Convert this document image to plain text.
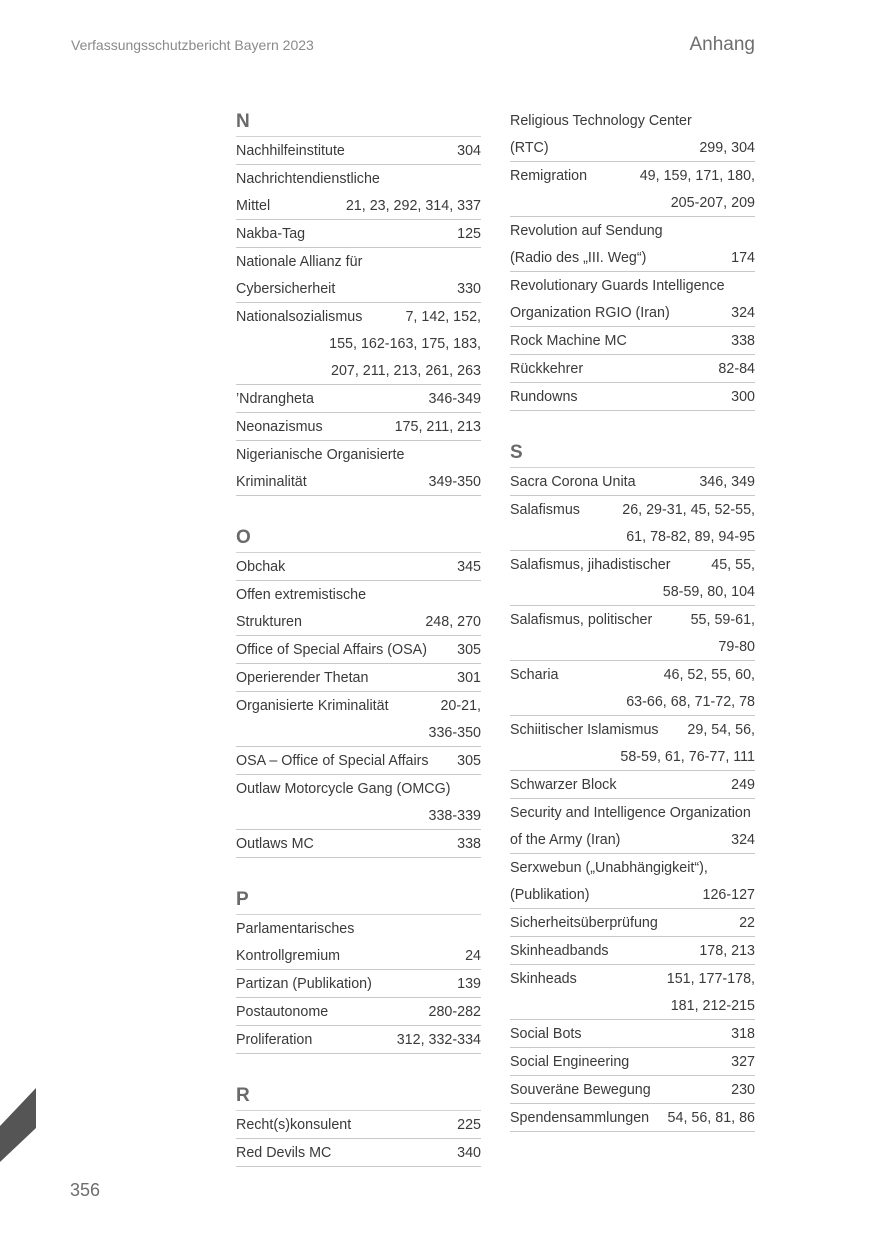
Verfassungsschutzbericht Bayern 2023	Anhang
N
Nachhilfeinstitute	304
Nachrichtendienstliche
Mittel	21, 23, 292, 314, 337
Nakba-Tag	125
Nationale Allianz für
Cybersicherheit	330
Nationalsozialismus	7, 142, 152,
155, 162-163, 175, 183,
207, 211, 213, 261, 263
’Ndrangheta	346-349
Neonazismus	175, 211, 213
Nigerianische Organisierte
Kriminalität	349-350
O
Obchak	345
Offen extremistische
Strukturen	248, 270
Office of Special Affairs (OSA) 305
Operierender Thetan	301
Organisierte Kriminalität	20-21,
336-350
OSA – Office of Special Affairs 305
Outlaw Motorcycle Gang (OMCG)
338-339
Outlaws MC	338
P
Parlamentarisches
Kontrollgremium	24
Partizan (Publikation)	139
Postautonome	280-282
Proliferation	312, 332-334
R
Recht(s)konsulent	225
Red Devils MC	340
Religious Technology Center
(RTC)	299, 304
Remigration	49, 159, 171, 180,
205-207, 209
Revolution auf Sendung
(Radio des „III. Weg“)	174
Revolutionary Guards Intelligence
Organization RGIO (Iran)	324
Rock Machine MC	338
Rückkehrer	82-84
Rundowns	300
S
Sacra Corona Unita	346, 349
Salafismus	26, 29-31, 45, 52-55,
61, 78-82, 89, 94-95
Salafismus, jihadistischer	45, 55,
58-59, 80, 104
Salafismus, politischer	55, 59-61,
79-80
Scharia	46, 52, 55, 60,
63-66, 68, 71-72, 78
Schiitischer Islamismus 29, 54, 56,
58-59, 61, 76-77, 111
Schwarzer Block	249
Security and Intelligence Organization
of the Army (Iran)	324
Serxwebun („Unabhängigkeit“),
(Publikation)	126-127
Sicherheitsüberprüfung	22
Skinheadbands	178, 213
Skinheads	151, 177-178,
181, 212-215
Social Bots	318
Social Engineering	327
Souveräne Bewegung	230
Spendensammlungen 54, 56, 81, 86
356
